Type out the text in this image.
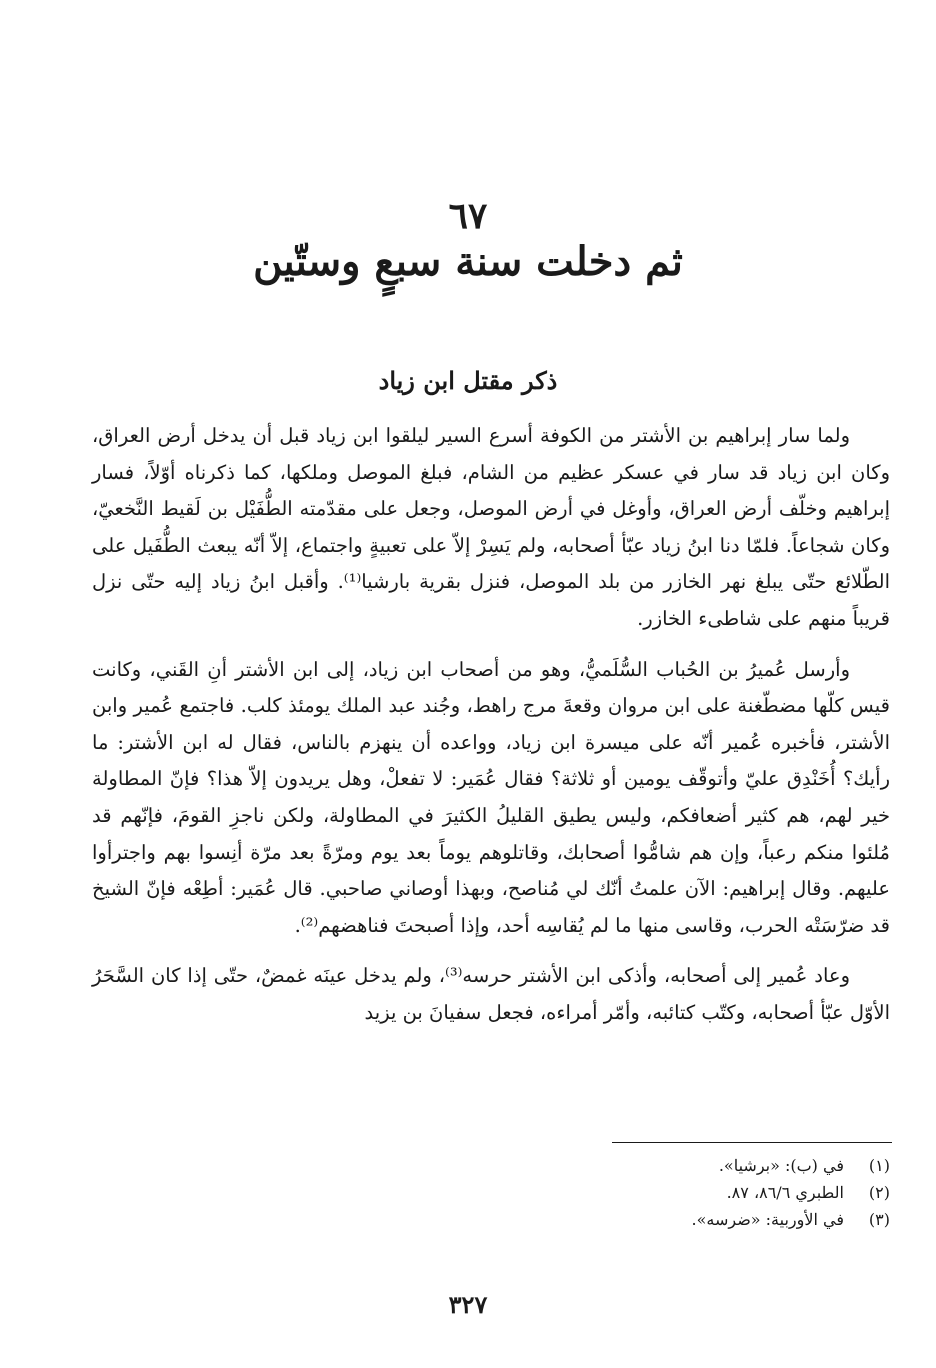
٦٧
ثم دخلت سنة سبعٍ وستّين
ذكر مقتل ابن زياد

ولما سار إبراهيم بن الأشتر من الكوفة أسرع السير ليلقوا ابن زياد قبل أن يدخل أرض العراق، وكان ابن زياد قد سار في عسكر عظيم من الشام، فبلغ الموصل وملكها، كما ذكرناه أوّلاً، فسار إبراهيم وخلّف أرض العراق، وأوغل في أرض الموصل، وجعل على مقدّمته الطُّفَيْل بن لَقيط النَّخعيّ، وكان شجاعاً. فلمّا دنا ابنُ زياد عبّأ أصحابه، ولم يَسِرْ إلاّ على تعبيةٍ واجتماع، إلاّ أنّه يبعث الطُّفَيل على الطّلائع حتّى يبلغ نهر الخازر من بلد الموصل، فنزل بقرية بارشيا⁽¹⁾. وأقبل ابنُ زياد إليه حتّى نزل قريباً منهم على شاطىء الخازر.

وأرسل عُميرُ بن الحُباب السُّلَميُّ، وهو من أصحاب ابن زياد، إلى ابن الأشتر أنِ القَني، وكانت قيس كلّها مضطّغنة على ابن مروان وقعةَ مرج راهط، وجُند عبد الملك يومئذ كلب. فاجتمع عُمير وابن الأشتر، فأخبره عُمير أنّه على ميسرة ابن زياد، وواعده أن ينهزم بالناس، فقال له ابن الأشتر: ما رأيك؟ أُخَنْدِق عليّ وأتوقّف يومين أو ثلاثة؟ فقال عُمَير: لا تفعلْ، وهل يريدون إلاّ هذا؟ فإنّ المطاولة خير لهم، هم كثير أضعافكم، وليس يطيق القليلُ الكثيرَ في المطاولة، ولكن ناجزِ القومَ، فإنّهم قد مُلئوا منكم رعباً، وإن هم شامُّوا أصحابك، وقاتلوهم يوماً بعد يوم ومرّةً بعد مرّة أنِسوا بهم واجترأوا عليهم. وقال إبراهيم: الآن علمتُ أنّك لي مُناصح، وبهذا أوصاني صاحبي. قال عُمَير: أطِعْه فإنّ الشيخ قد ضرّسَتْه الحرب، وقاسى منها ما لم يُقاسِه أحد، وإذا أصبحتَ فناهضهم⁽²⁾.

وعاد عُمير إلى أصحابه، وأذكى ابن الأشتر حرسه⁽³⁾، ولم يدخل عينَه غمضٌ، حتّى إذا كان السَّحَرُ الأوّل عبّأ أصحابه، وكتّب كتائبه، وأمّر أمراءه، فجعل سفيانَ بن يزيد

(١)
في (ب): «برشيا».
(٢)
الطبري ٨٦/٦، ٨٧.
(٣)
في الأوربية: «ضرسه».
٣٢٧
